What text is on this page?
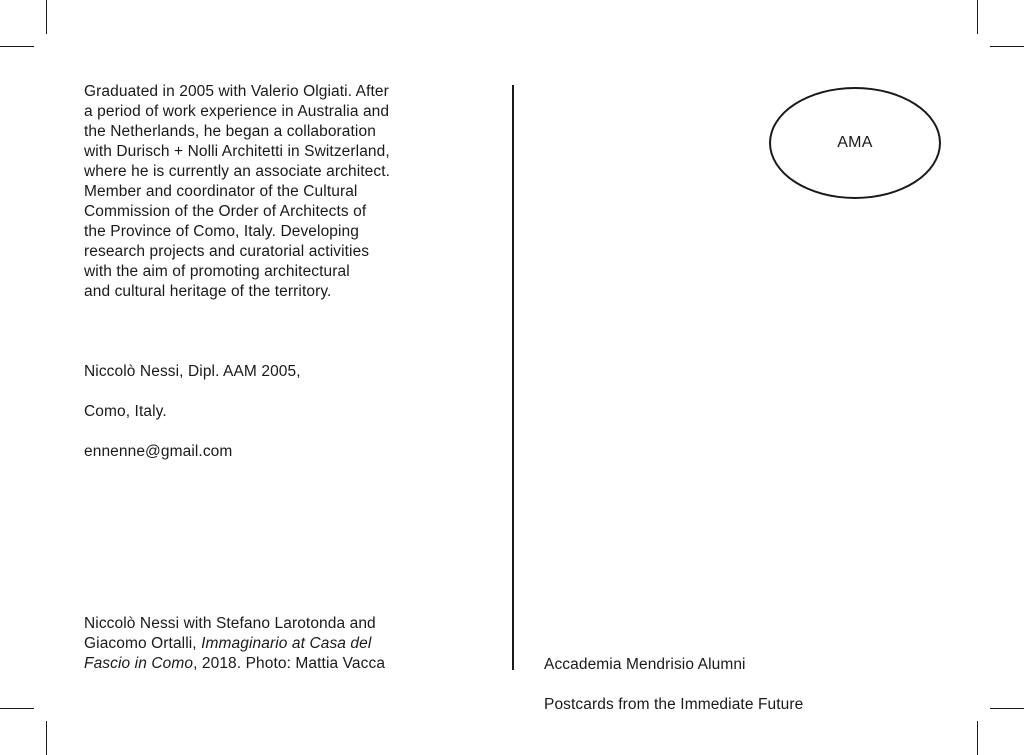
Graduated in 2005 with Valerio Olgiati. After
a period of work experience in Australia and
the Netherlands, he began a collaboration
with Durisch + Nolli Architetti in Switzerland,
where he is currently an associate architect.
Member and coordinator of the Cultural
Commission of the Order of Architects of
the Province of Como, Italy. Developing
research projects and curatorial activities
with the aim of promoting architectural
and cultural heritage of the territory.

Niccolò Nessi, Dipl. AAM 2005,

Como, Italy.

ennenne@gmail.com

Niccolò Nessi with Stefano Larotonda and
Giacomo Ortalli, Immaginario at Casa del
Fascio in Como, 2018. Photo: Mattia Vacca
AMA

Accademia Mendrisio Alumni

Postcards from the Immediate Future
